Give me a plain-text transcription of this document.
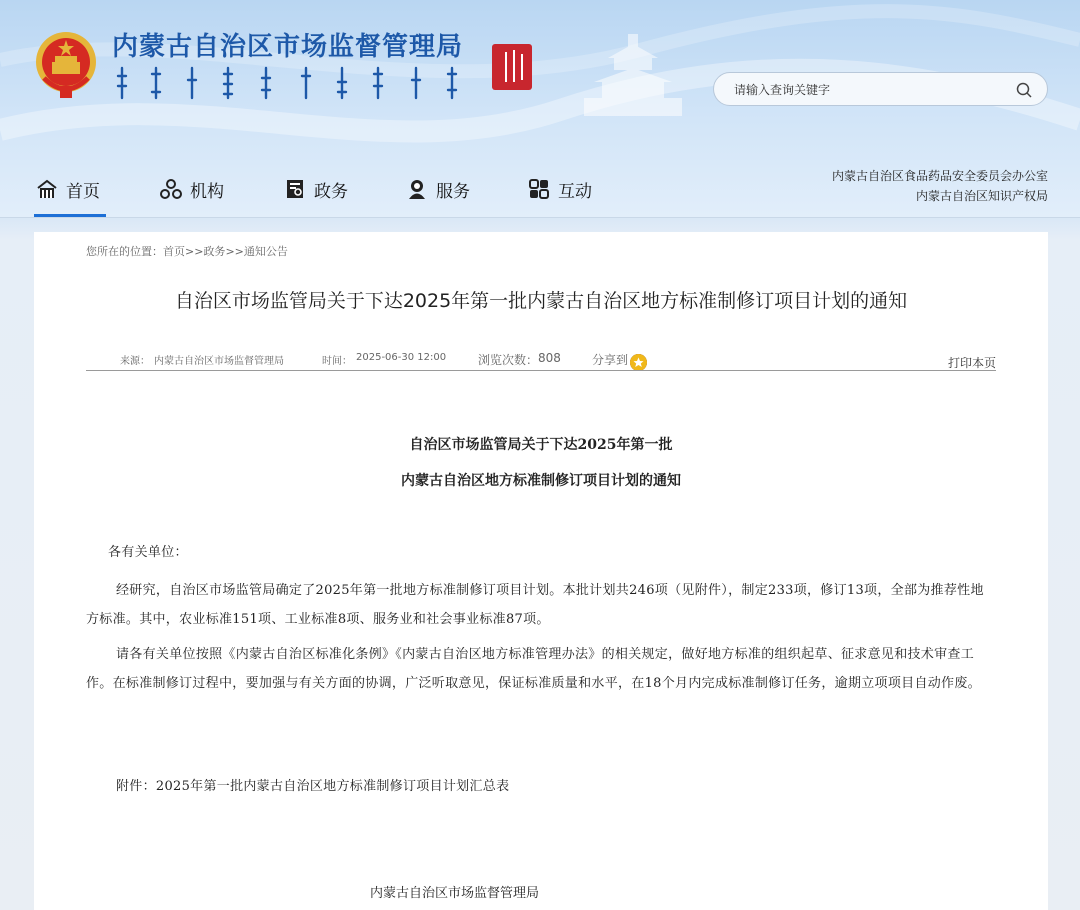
内蒙古自治区市场监督管理局
请输入查询关键字
首页	机构	政务	服务	互动
内蒙古自治区食品药品安全委员会办公室
内蒙古自治区知识产权局
您所在的位置：首页>>政务>>通知公告
自治区市场监管局关于下达2025年第一批内蒙古自治区地方标准制修订项目计划的通知
来源： 内蒙古自治区市场监督管理局	时间： 2025-06-30 12:00	浏览次数： 808	分享到	打印本页
自治区市场监管局关于下达2025年第一批
内蒙古自治区地方标准制修订项目计划的通知
各有关单位：
经研究，自治区市场监管局确定了2025年第一批地方标准制修订项目计划。本批计划共246项（见附件），制定233项，修订13项，全部为推荐性地方标准。其中，农业标准151项、工业标准8项、服务业和社会事业标准87项。
请各有关单位按照《内蒙古自治区标准化条例》《内蒙古自治区地方标准管理办法》的相关规定，做好地方标准的组织起草、征求意见和技术审查工作。在标准制修订过程中，要加强与有关方面的协调，广泛听取意见，保证标准质量和水平，在18个月内完成标准制修订任务，逾期立项项目自动作废。
附件：2025年第一批内蒙古自治区地方标准制修订项目计划汇总表
内蒙古自治区市场监督管理局
